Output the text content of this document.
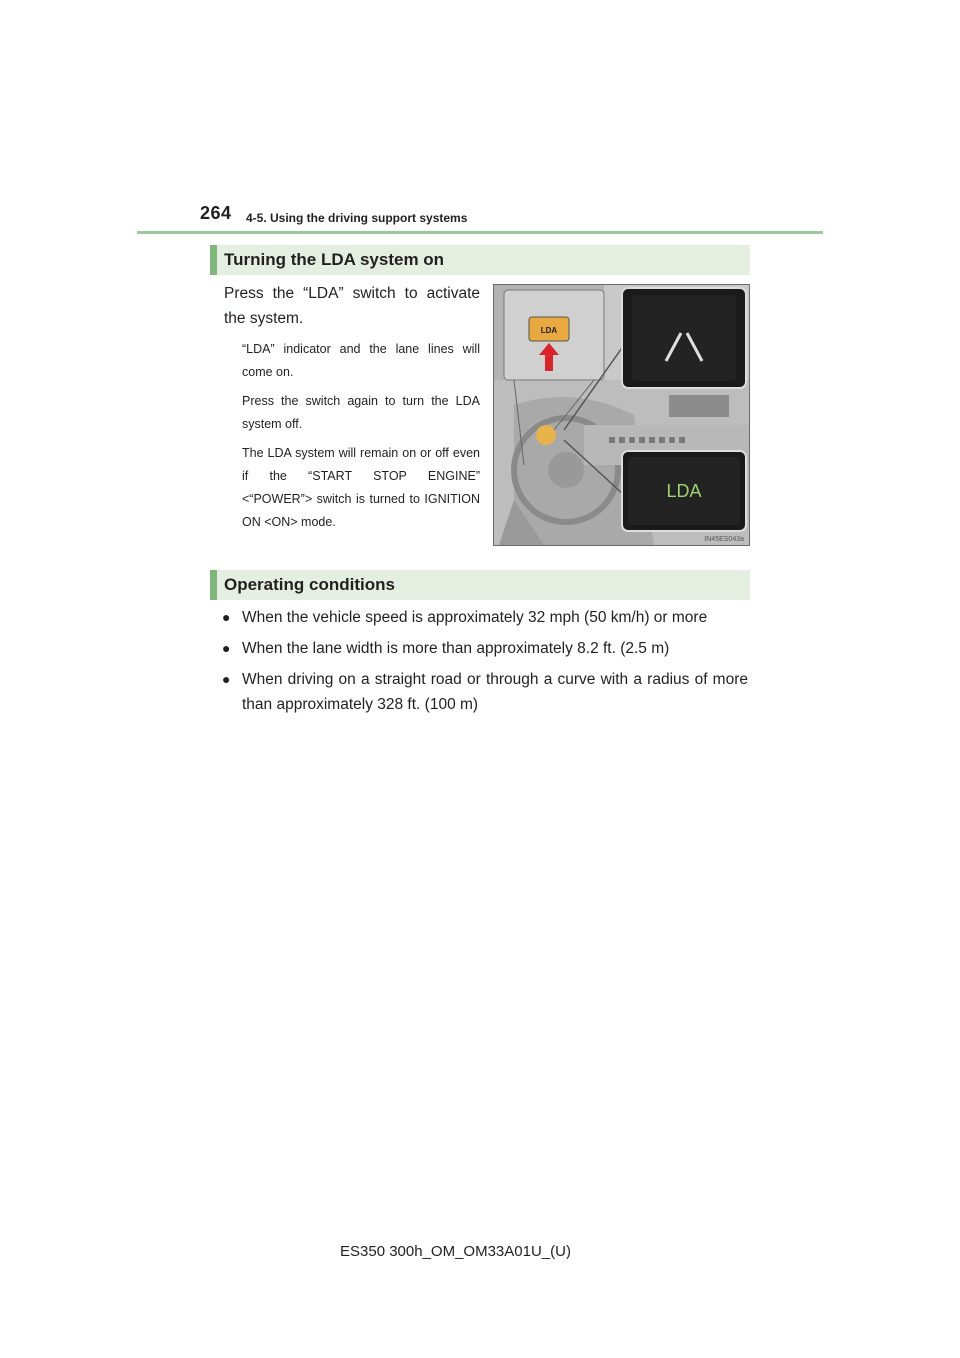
264 4-5. Using the driving support systems
Turning the LDA system on
Press the “LDA” switch to activate the system.

“LDA” indicator and the lane lines will come on.

Press the switch again to turn the LDA system off.

The LDA system will remain on or off even if the “START STOP ENGINE” <“POWER”> switch is turned to IGNITION ON <ON> mode.

LDA
LDA
IN45ES043a
Operating conditions
● When the vehicle speed is approximately 32 mph (50 km/h) or more
● When the lane width is more than approximately 8.2 ft. (2.5 m)
● When driving on a straight road or through a curve with a radius of more than approximately 328 ft. (100 m)
ES350 300h_OM_OM33A01U_(U)
